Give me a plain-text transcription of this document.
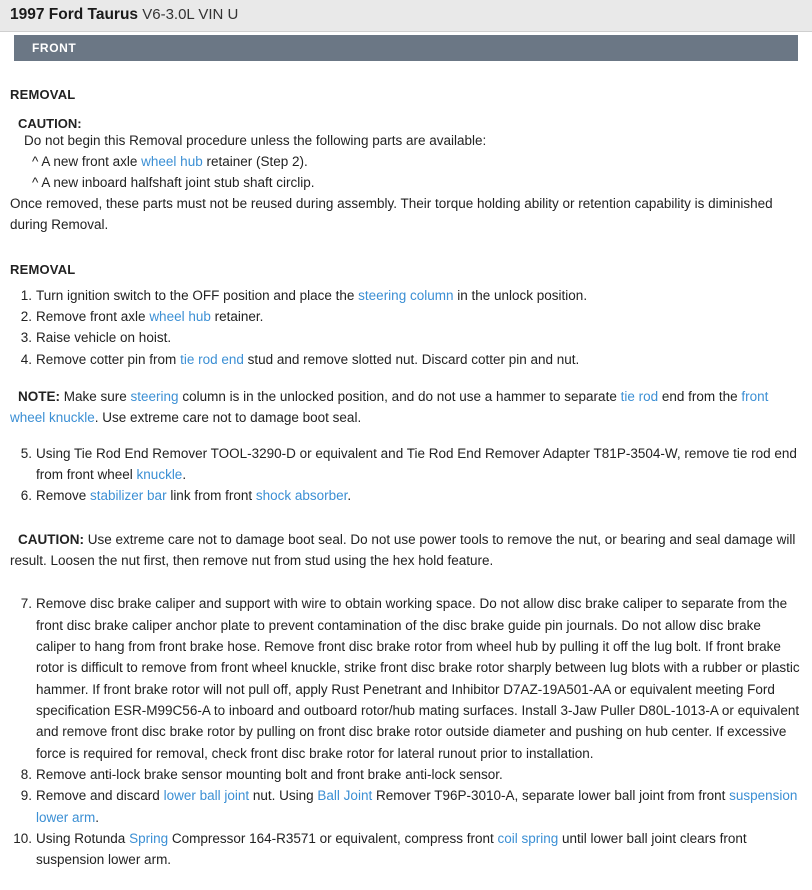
1997 Ford Taurus V6-3.0L VIN U
FRONT
REMOVAL
CAUTION:
Do not begin this Removal procedure unless the following parts are available:
^ A new front axle wheel hub retainer (Step 2).
^ A new inboard halfshaft joint stub shaft circlip.
Once removed, these parts must not be reused during assembly. Their torque holding ability or retention capability is diminished during Removal.
REMOVAL
1. Turn ignition switch to the OFF position and place the steering column in the unlock position.
2. Remove front axle wheel hub retainer.
3. Raise vehicle on hoist.
4. Remove cotter pin from tie rod end stud and remove slotted nut. Discard cotter pin and nut.
NOTE: Make sure steering column is in the unlocked position, and do not use a hammer to separate tie rod end from the front wheel knuckle. Use extreme care not to damage boot seal.
5. Using Tie Rod End Remover TOOL-3290-D or equivalent and Tie Rod End Remover Adapter T81P-3504-W, remove tie rod end from front wheel knuckle.
6. Remove stabilizer bar link from front shock absorber.
CAUTION: Use extreme care not to damage boot seal. Do not use power tools to remove the nut, or bearing and seal damage will result. Loosen the nut first, then remove nut from stud using the hex hold feature.
7. Remove disc brake caliper and support with wire to obtain working space. Do not allow disc brake caliper to separate from the front disc brake caliper anchor plate to prevent contamination of the disc brake guide pin journals. Do not allow disc brake caliper to hang from front brake hose. Remove front disc brake rotor from wheel hub by pulling it off the lug bolt. If front brake rotor is difficult to remove from front wheel knuckle, strike front disc brake rotor sharply between lug blots with a rubber or plastic hammer. If front brake rotor will not pull off, apply Rust Penetrant and Inhibitor D7AZ-19A501-AA or equivalent meeting Ford specification ESR-M99C56-A to inboard and outboard rotor/hub mating surfaces. Install 3-Jaw Puller D80L-1013-A or equivalent and remove front disc brake rotor by pulling on front disc brake rotor outside diameter and pushing on hub center. If excessive force is required for removal, check front disc brake rotor for lateral runout prior to installation.
8. Remove anti-lock brake sensor mounting bolt and front brake anti-lock sensor.
9. Remove and discard lower ball joint nut. Using Ball Joint Remover T96P-3010-A, separate lower ball joint from front suspension lower arm.
10. Using Rotunda Spring Compressor 164-R3571 or equivalent, compress front coil spring until lower ball joint clears front suspension lower arm.
